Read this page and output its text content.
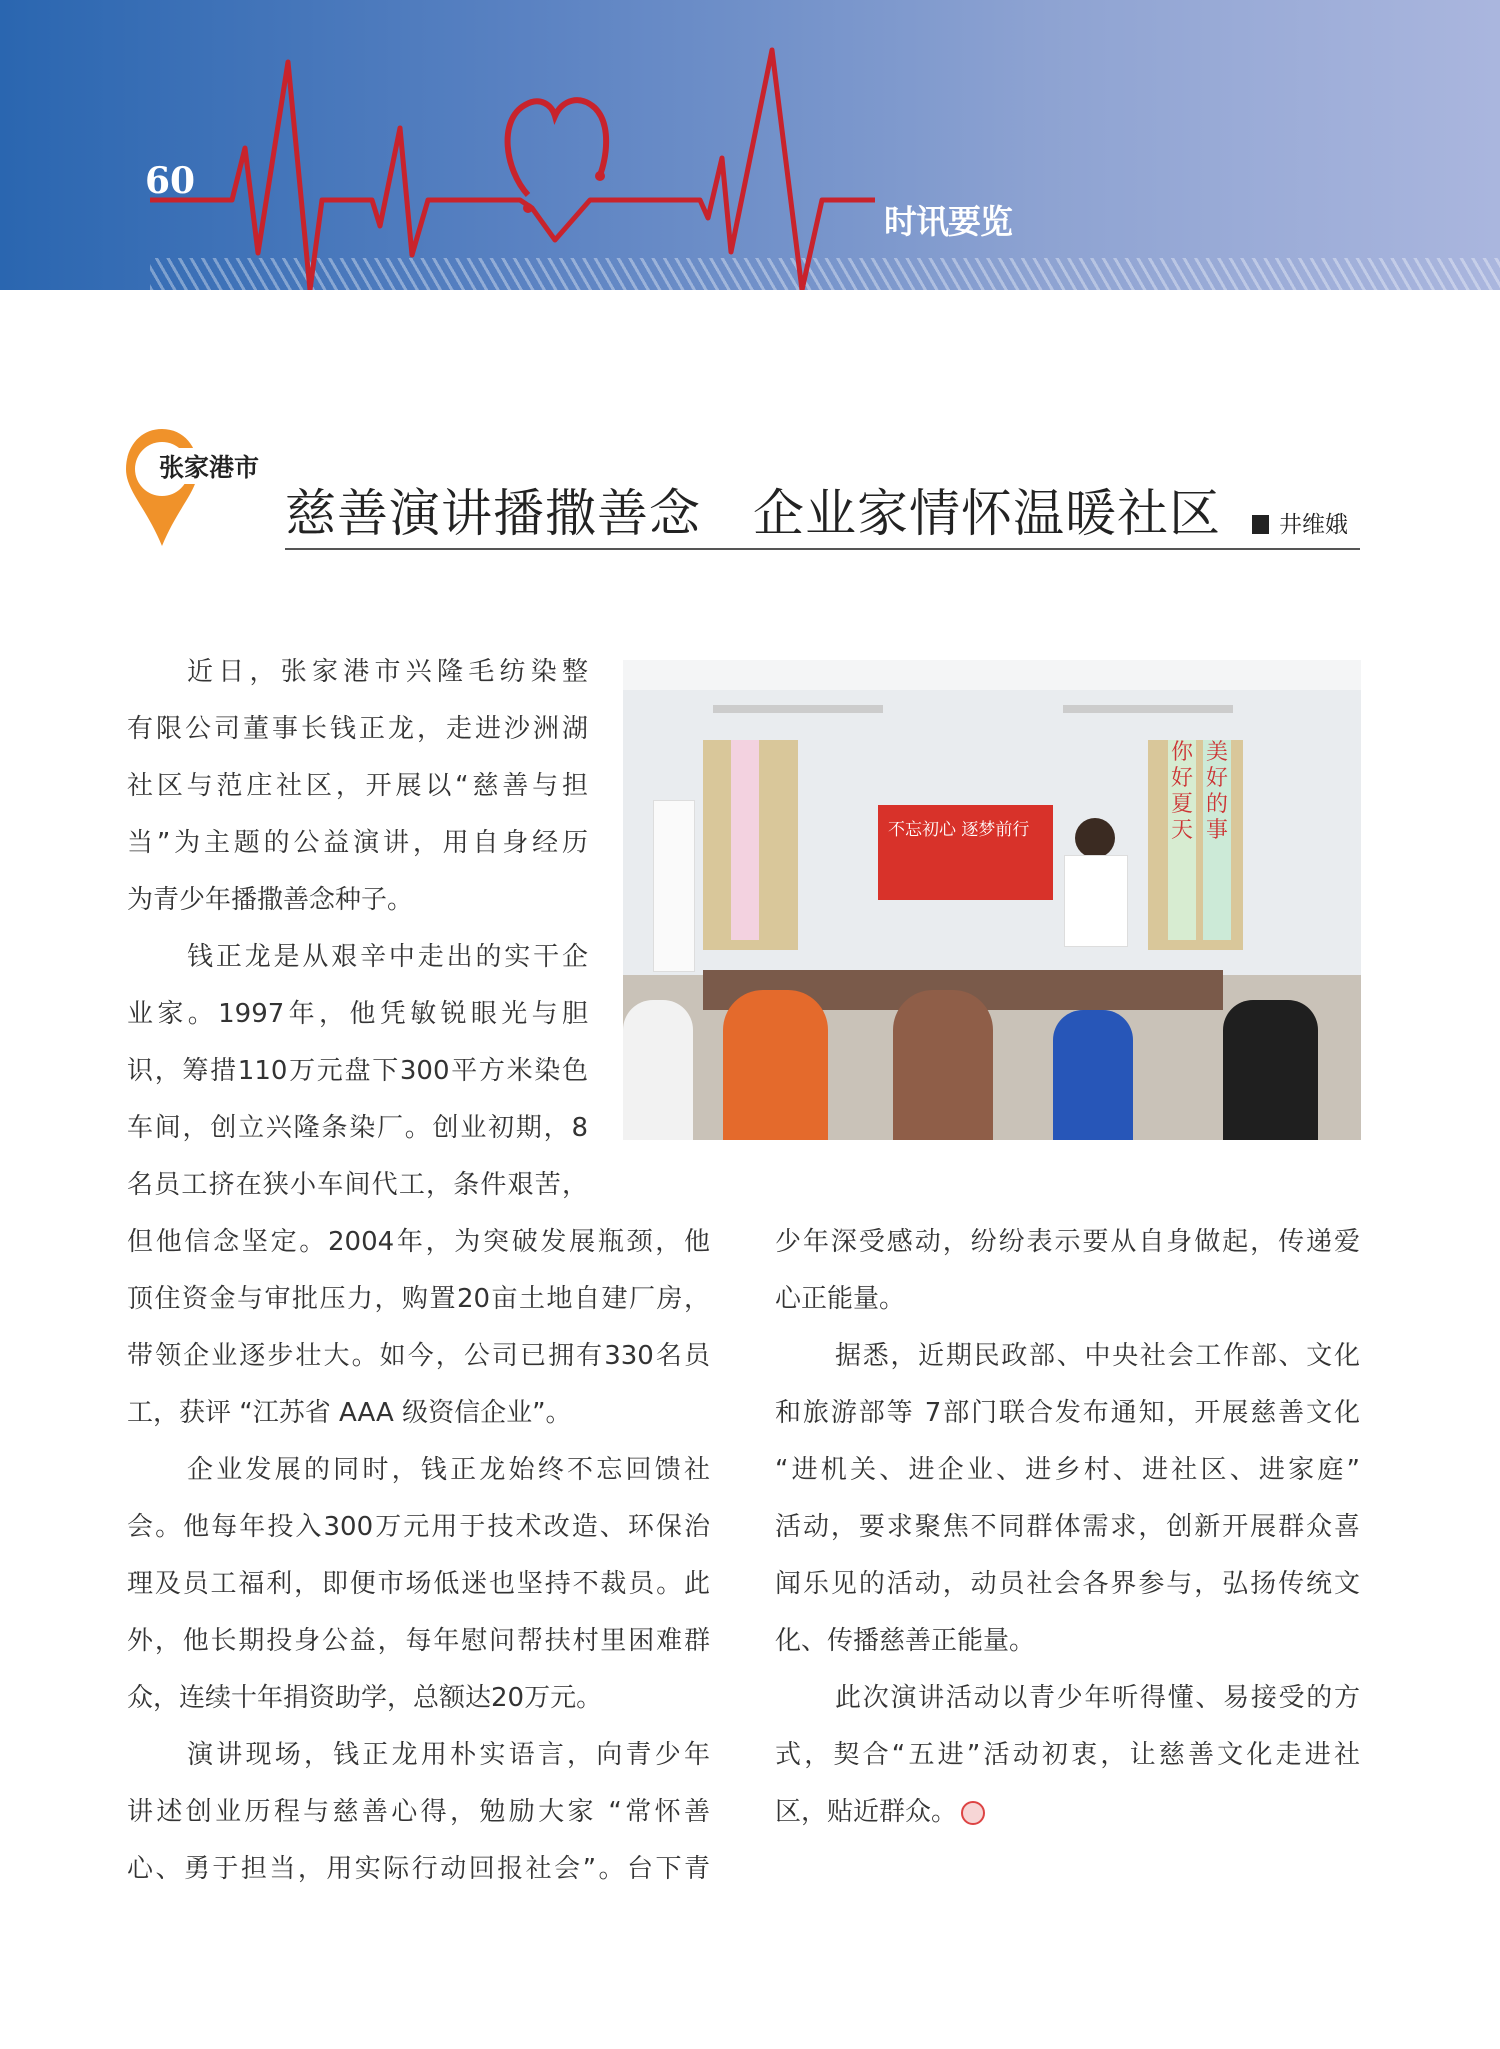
60
时讯要览
张家港市
慈善演讲播撒善念　企业家情怀温暖社区	井维娥
你好夏天
美好的事
不忘初心 逐梦前行
近日，张家港市兴隆毛纺染整
有限公司董事长钱正龙，走进沙洲湖
社区与范庄社区，开展以“慈善与担
当”为主题的公益演讲，用自身经历
为青少年播撒善念种子。
钱正龙是从艰辛中走出的实干企
业家。1997年，他凭敏锐眼光与胆
识，筹措110万元盘下300平方米染色
车间，创立兴隆条染厂。创业初期，8
名员工挤在狭小车间代工，条件艰苦，
但他信念坚定。2004年，为突破发展瓶颈，他
顶住资金与审批压力，购置20亩土地自建厂房，
带领企业逐步壮大。如今，公司已拥有330名员
工，获评 “江苏省 AAA 级资信企业”。
企业发展的同时，钱正龙始终不忘回馈社
会。他每年投入300万元用于技术改造、环保治
理及员工福利，即便市场低迷也坚持不裁员。此
外，他长期投身公益，每年慰问帮扶村里困难群
众，连续十年捐资助学，总额达20万元。
演讲现场，钱正龙用朴实语言，向青少年
讲述创业历程与慈善心得，勉励大家 “常怀善
心、勇于担当，用实际行动回报社会”。台下青
少年深受感动，纷纷表示要从自身做起，传递爱
心正能量。
据悉，近期民政部、中央社会工作部、文化
和旅游部等 7部门联合发布通知，开展慈善文化
“进机关、进企业、进乡村、进社区、进家庭”
活动，要求聚焦不同群体需求，创新开展群众喜
闻乐见的活动，动员社会各界参与，弘扬传统文
化、传播慈善正能量。
此次演讲活动以青少年听得懂、易接受的方
式，契合“五进”活动初衷，让慈善文化走进社
区，贴近群众。
